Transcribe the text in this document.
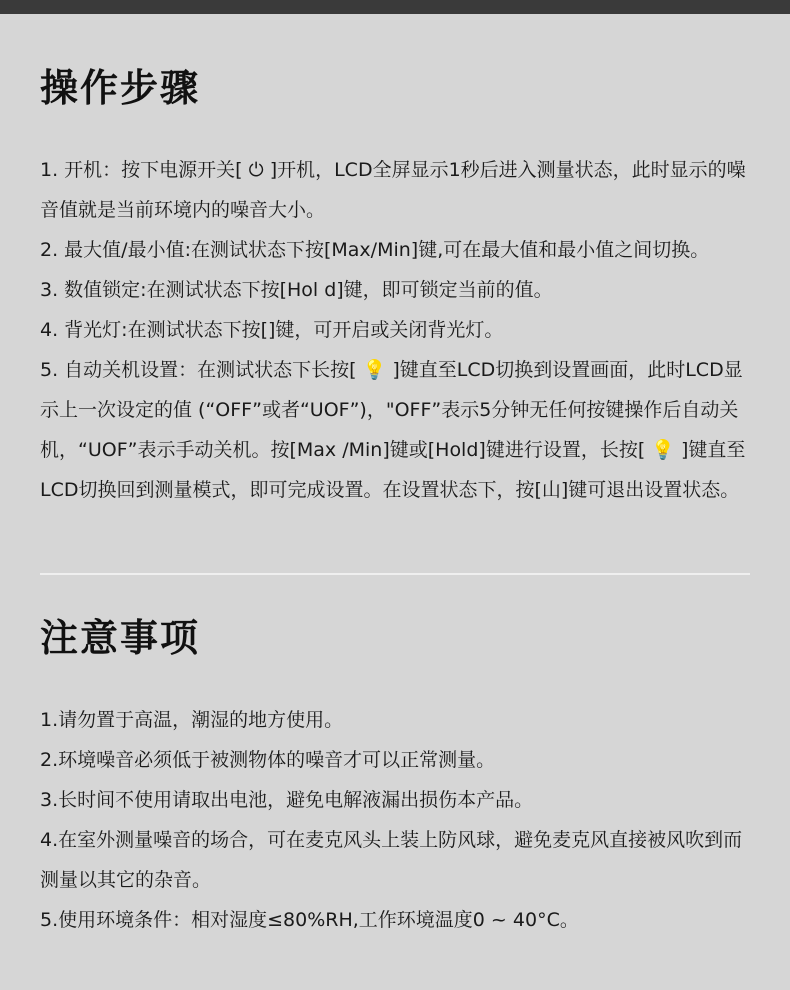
操作步骤

1. 开机：按下电源开关[ ⏻ ]开机，LCD全屏显示1秒后进入测量状态，此时显示的噪音值就是当前环境内的噪音大小。

2. 最大值/最小值:在测试状态下按[Max/Min]键,可在最大值和最小值之间切换。

3. 数值锁定:在测试状态下按[Hol d]键，即可锁定当前的值。

4. 背光灯:在测试状态下按[]键，可开启或关闭背光灯。

5. 自动关机设置：在测试状态下长按[ 💡 ]键直至LCD切换到设置画面，此时LCD显示上一次设定的值 (“OFF”或者“UOF”)，"OFF”表示5分钟无任何按键操作后自动关机，“UOF”表示手动关机。按[Max /Min]键或[Hold]键进行设置，长按[ 💡 ]键直至LCD切换回到测量模式，即可完成设置。在设置状态下，按[山]键可退出设置状态。

注意事项

1.请勿置于高温，潮湿的地方使用。

2.环境噪音必须低于被测物体的噪音才可以正常测量。

3.长时间不使用请取出电池，避免电解液漏出损伤本产品。

4.在室外测量噪音的场合，可在麦克风头上装上防风球，避免麦克风直接被风吹到而测量以其它的杂音。

5.使用环境条件：相对湿度≤80%RH,工作环境温度0 ~ 40°C。
